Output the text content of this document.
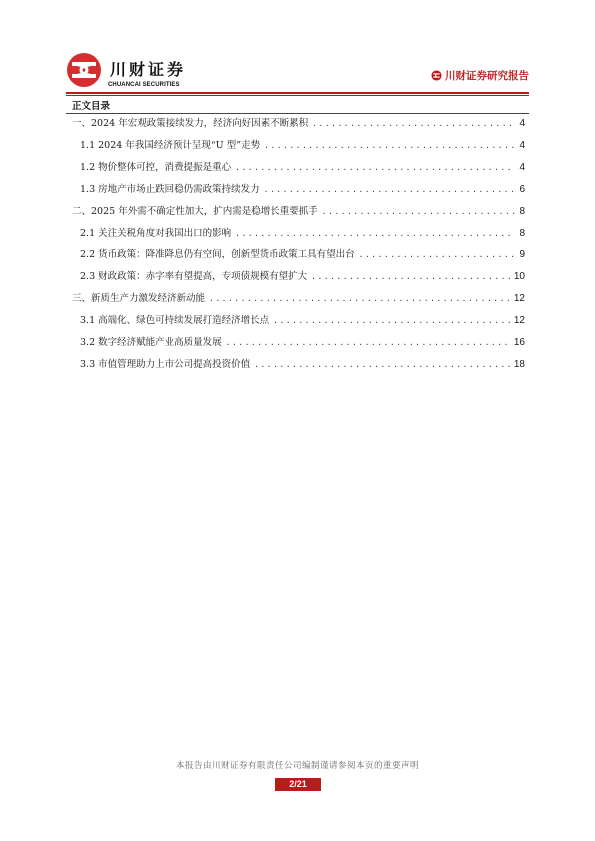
川财证券
CHUANCAI SECURITIES
川财证券研究报告
正文目录
一、2024 年宏观政策接续发力，经济向好因素不断累积 .....	4
1.1 2024 年我国经济预计呈现“U 型”走势 .....	4
1.2 物价整体可控，消费提振是重心 .....	4
1.3 房地产市场止跌回稳仍需政策持续发力 .....	6
二、2025 年外需不确定性加大，扩内需是稳增长重要抓手 .....	8
2.1 关注关税角度对我国出口的影响 .....	8
2.2 货币政策：降准降息仍有空间，创新型货币政策工具有望出台 .....	9
2.3 财政政策：赤字率有望提高，专项债规模有望扩大 .....	10
三、新质生产力激发经济新动能 .....	12
3.1 高端化、绿色可持续发展打造经济增长点 .....	12
3.2 数字经济赋能产业高质量发展 .....	16
3.3 市值管理助力上市公司提高投资价值 .....	18
本报告由川财证券有限责任公司编制谨请参阅本页的重要声明
2/21
